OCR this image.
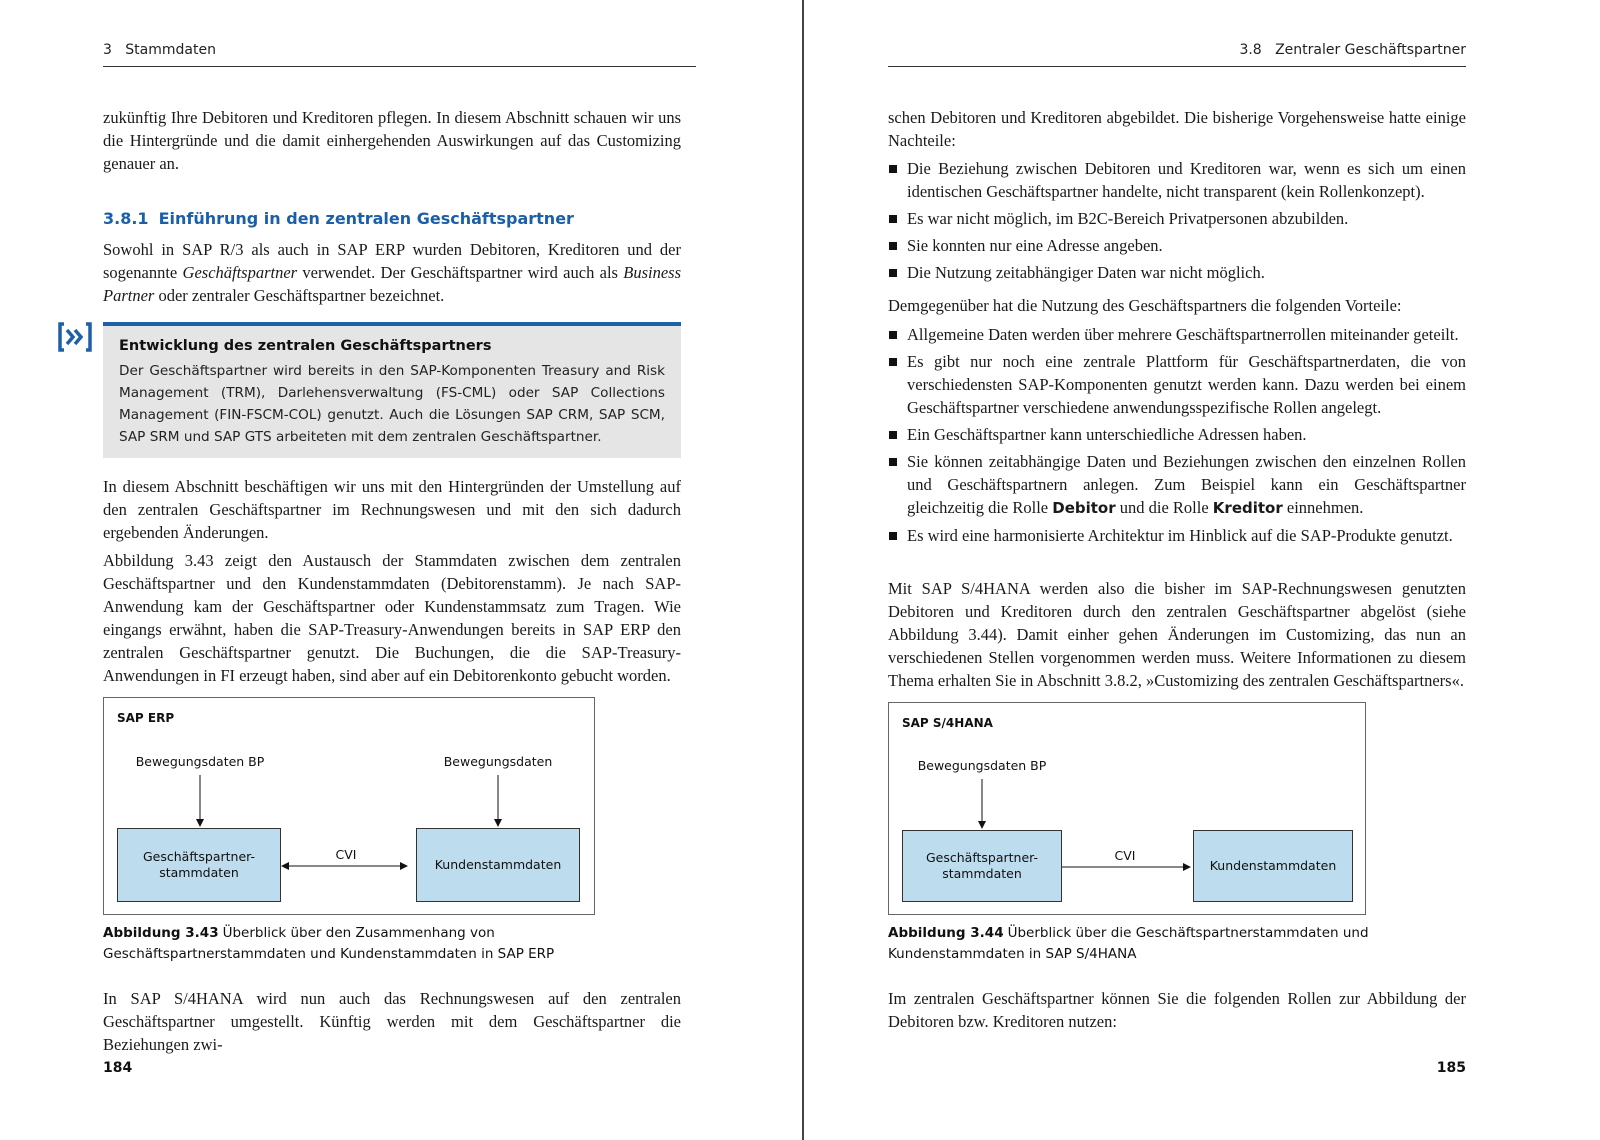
3 Stammdaten

zukünftig Ihre Debitoren und Kreditoren pflegen. In diesem Abschnitt schauen wir uns die Hintergründe und die damit einhergehenden Auswirkungen auf das Customizing genauer an.

3.8.1 Einführung in den zentralen Geschäftspartner

Sowohl in SAP R/3 als auch in SAP ERP wurden Debitoren, Kreditoren und der sogenannte Geschäftspartner verwendet. Der Geschäftspartner wird auch als Business Partner oder zentraler Geschäftspartner bezeichnet.

Entwicklung des zentralen Geschäftspartners

Der Geschäftspartner wird bereits in den SAP-Komponenten Treasury and Risk Management (TRM), Darlehensverwaltung (FS-CML) oder SAP Collections Management (FIN-FSCM-COL) genutzt. Auch die Lösungen SAP CRM, SAP SCM, SAP SRM und SAP GTS arbeiteten mit dem zentralen Geschäftspartner.

In diesem Abschnitt beschäftigen wir uns mit den Hintergründen der Umstellung auf den zentralen Geschäftspartner im Rechnungswesen und mit den sich dadurch ergebenden Änderungen.

Abbildung 3.43 zeigt den Austausch der Stammdaten zwischen dem zentralen Geschäftspartner und den Kundenstammdaten (Debitorenstamm). Je nach SAP-Anwendung kam der Geschäftspartner oder Kundenstammsatz zum Tragen. Wie eingangs erwähnt, haben die SAP-Treasury-Anwendungen bereits in SAP ERP den zentralen Geschäftspartner genutzt. Die Buchungen, die die SAP-Treasury-Anwendungen in FI erzeugt haben, sind aber auf ein Debitorenkonto gebucht worden.

SAP ERP
Bewegungsdaten BP	Bewegungsdaten
Geschäftspartner-
stammdaten
Kundenstammdaten
CVI
Abbildung 3.43 Überblick über den Zusammenhang von Geschäftspartnerstammdaten und Kundenstammdaten in SAP ERP

In SAP S/4HANA wird nun auch das Rechnungswesen auf den zentralen Geschäftspartner umgestellt. Künftig werden mit dem Geschäftspartner die Beziehungen zwi-

184
3.8 Zentraler Geschäftspartner

schen Debitoren und Kreditoren abgebildet. Die bisherige Vorgehensweise hatte einige Nachteile:

Die Beziehung zwischen Debitoren und Kreditoren war, wenn es sich um einen identischen Geschäftspartner handelte, nicht transparent (kein Rollenkonzept).
Es war nicht möglich, im B2C-Bereich Privatpersonen abzubilden.
Sie konnten nur eine Adresse angeben.
Die Nutzung zeitabhängiger Daten war nicht möglich.

Demgegenüber hat die Nutzung des Geschäftspartners die folgenden Vorteile:

Allgemeine Daten werden über mehrere Geschäftspartnerrollen miteinander geteilt.
Es gibt nur noch eine zentrale Plattform für Geschäftspartnerdaten, die von verschiedensten SAP-Komponenten genutzt werden kann. Dazu werden bei einem Geschäftspartner verschiedene anwendungsspezifische Rollen angelegt.
Ein Geschäftspartner kann unterschiedliche Adressen haben.
Sie können zeitabhängige Daten und Beziehungen zwischen den einzelnen Rollen und Geschäftspartnern anlegen. Zum Beispiel kann ein Geschäftspartner gleichzeitig die Rolle Debitor und die Rolle Kreditor einnehmen.
Es wird eine harmonisierte Architektur im Hinblick auf die SAP-Produkte genutzt.

Mit SAP S/4HANA werden also die bisher im SAP-Rechnungswesen genutzten Debitoren und Kreditoren durch den zentralen Geschäftspartner abgelöst (siehe Abbildung 3.44). Damit einher gehen Änderungen im Customizing, das nun an verschiedenen Stellen vorgenommen werden muss. Weitere Informationen zu diesem Thema erhalten Sie in Abschnitt 3.8.2, »Customizing des zentralen Geschäftspartners«.

SAP S/4HANA
Bewegungsdaten BP
Geschäftspartner-
stammdaten
Kundenstammdaten
CVI
Abbildung 3.44 Überblick über die Geschäftspartnerstammdaten und Kundenstammdaten in SAP S/4HANA

Im zentralen Geschäftspartner können Sie die folgenden Rollen zur Abbildung der Debitoren bzw. Kreditoren nutzen:

185
